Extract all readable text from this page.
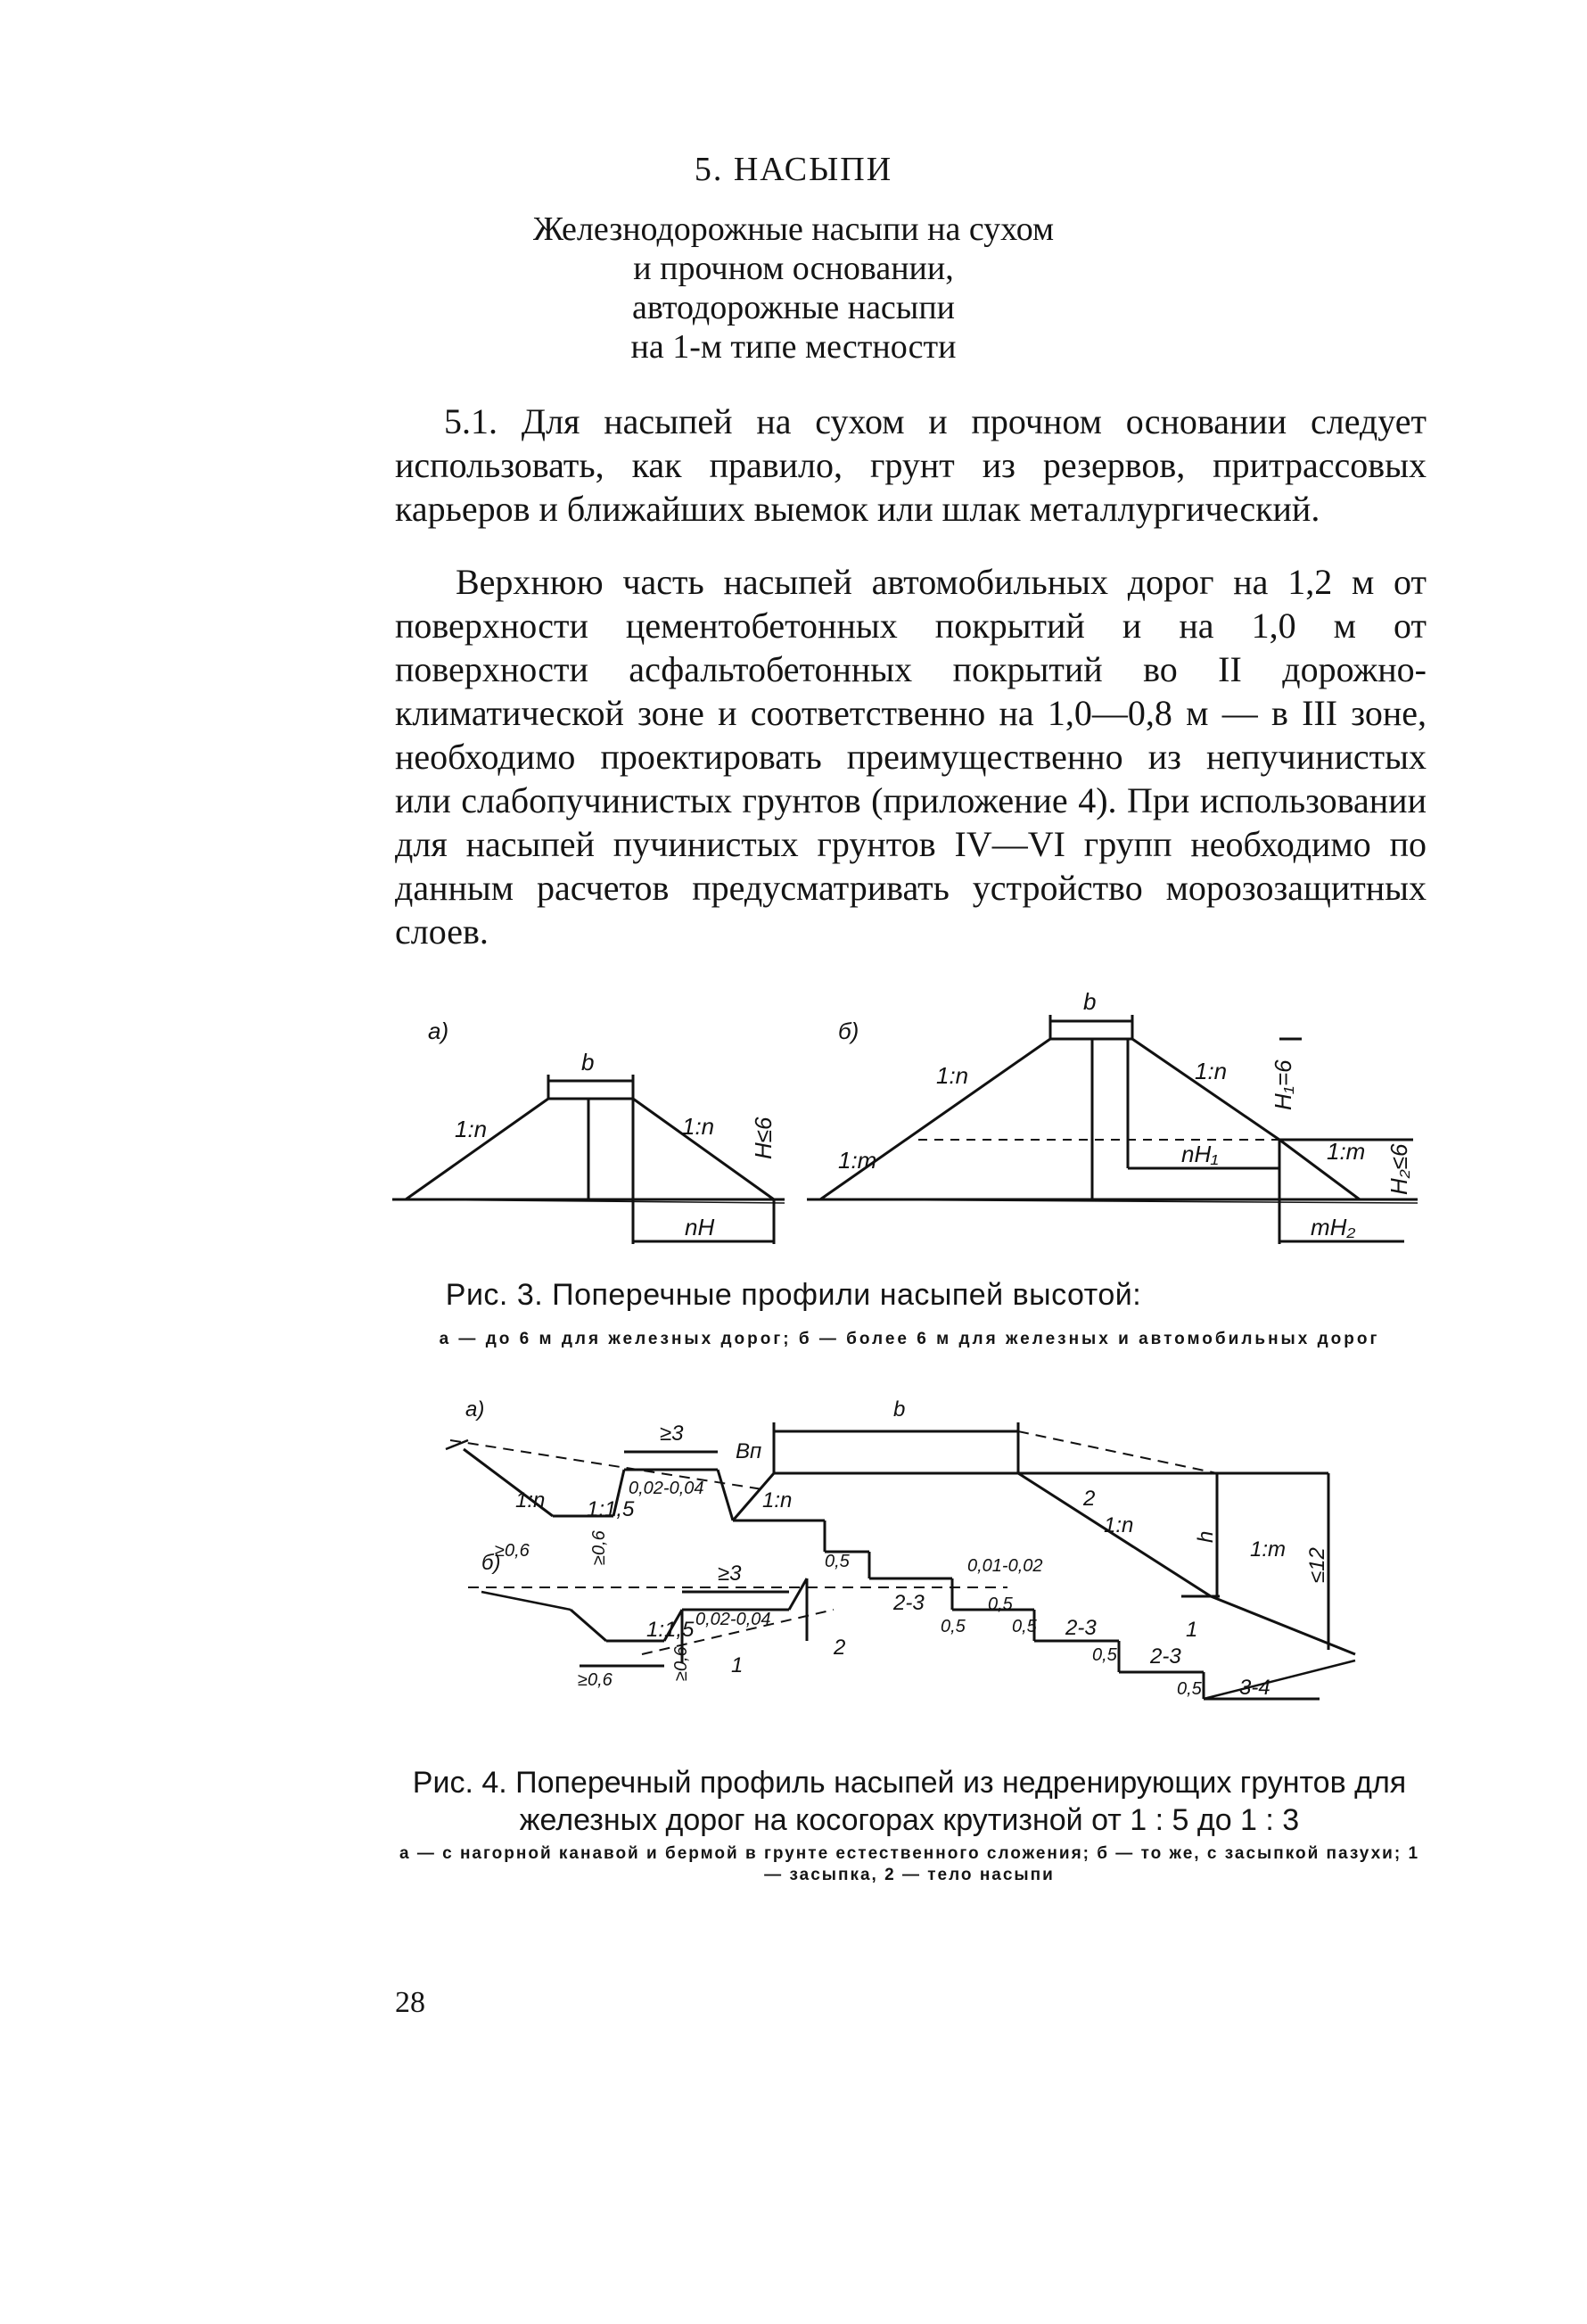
5. НАСЫПИ
Железнодорожные насыпи на сухом
и прочном основании,
автодорожные насыпи
на 1-м типе местности
5.1. Для насыпей на сухом и прочном основании следует использовать, как правило, грунт из резервов, притрассовых карьеров и ближайших выемок или шлак металлургический.
Верхнюю часть насыпей автомобильных дорог на 1,2 м от поверхности цементобетонных покрытий и на 1,0 м от поверхности асфальтобетонных покрытий во II дорожно-климатической зоне и соответственно на 1,0—0,8 м — в III зоне, необходимо проектировать преимущественно из непучинистых или слабопучинистых грунтов (приложение 4). При использовании для насыпей пучинистых грунтов IV—VI групп необходимо по данным расчетов предусматривать устройство морозозащитных слоев.
а)
b
1:n	1:n H≤6
nH
б)
b
1:n	1:n
1:m	1:m
nH₁
mH₂
H₁=6
H₂≤6
Рис. 3. Поперечные профили насыпей высотой:
а — до 6 м для железных дорог; б — более 6 м для железных и автомобильных дорог
а)	b
≥3
Bп
0,02-0,04
1:n 1:1,5	1:n	2
1:n
1:m
h
≤12
б)
≥0,6	≥0,6	0,5	0,01-0,02
≥3
0,02-0,04
2-3	0,5
0,5	0,5 2-3
0,5 2-3
0,5 3-4
1
1:1,5
1
2
≥0,6	≥0,6
Рис. 4. Поперечный профиль насыпей из недренирующих грунтов для железных дорог на косогорах крутизной от 1 : 5 до 1 : 3
а — с нагорной канавой и бермой в грунте естественного сложения; б — то же, с засыпкой пазухи; 1 — засыпка, 2 — тело насыпи
28
